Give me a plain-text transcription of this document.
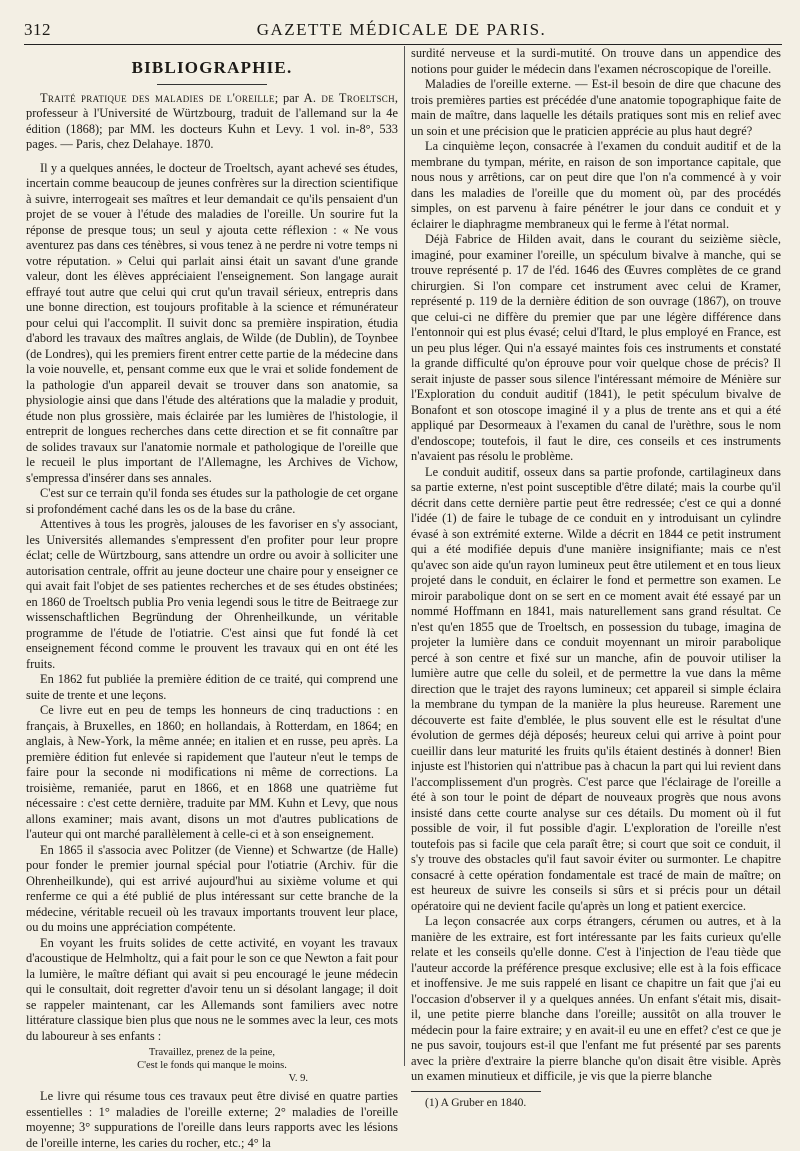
312	GAZETTE MÉDICALE DE PARIS.
BIBLIOGRAPHIE.

Traité pratique des maladies de l'oreille; par A. de Troeltsch, professeur à l'Université de Würtzbourg, traduit de l'allemand sur la 4e édition (1868); par MM. les docteurs Kuhn et Levy. 1 vol. in-8°, 533 pages. — Paris, chez Delahaye. 1870.

Il y a quelques années, le docteur de Troeltsch, ayant achevé ses études, incertain comme beaucoup de jeunes confrères sur la direction scientifique à suivre, interrogeait ses maîtres et leur demandait ce qu'ils pensaient d'un projet de se vouer à l'étude des maladies de l'oreille. Un sourire fut la réponse de presque tous; un seul y ajouta cette réflexion : « Ne vous aventurez pas dans ces ténèbres, si vous tenez à ne perdre ni votre temps ni votre réputation. » Celui qui parlait ainsi était un savant d'une grande valeur, dont les élèves appréciaient l'enseignement. Son langage aurait effrayé tout autre que celui qui crut qu'un travail sérieux, entrepris dans une bonne direction, est toujours profitable à la science et rémunérateur pour celui qui l'accomplit. Il suivit donc sa première inspiration, étudia d'abord les travaux des maîtres anglais, de Wilde (de Dublin), de Toynbee (de Londres), qui les premiers firent entrer cette partie de la médecine dans la voie nouvelle, et, pensant comme eux que le vrai et solide fondement de la pathologie d'un appareil devait se trouver dans son anatomie, sa physiologie ainsi que dans l'étude des altérations que la maladie y produit, étude non plus grossière, mais éclairée par les lumières de l'histologie, il entreprit de longues recherches dans cette direction et se fit connaître par de solides travaux sur l'anatomie normale et pathologique de l'oreille que le recueil le plus important de l'Allemagne, les Archives de Vichow, s'empressa d'insérer dans ses annales.

C'est sur ce terrain qu'il fonda ses études sur la pathologie de cet organe si profondément caché dans les os de la base du crâne.

Attentives à tous les progrès, jalouses de les favoriser en s'y associant, les Universités allemandes s'empressent d'en profiter pour leur propre éclat; celle de Würtzbourg, sans attendre un ordre ou avoir à solliciter une autorisation centrale, offrit au jeune docteur une chaire pour y enseigner ce qui avait fait l'objet de ses patientes recherches et de ses études obstinées; en 1860 de Troeltsch publia Pro venia legendi sous le titre de Beitraege zur wissenschaftlichen Begründung der Ohrenheilkunde, un véritable programme de l'étude de l'otiatrie. C'est ainsi que fut fondé là cet enseignement fécond comme le prouvent les travaux qui en ont été les fruits.

En 1862 fut publiée la première édition de ce traité, qui comprend une suite de trente et une leçons.

Ce livre eut en peu de temps les honneurs de cinq traductions : en français, à Bruxelles, en 1860; en hollandais, à Rotterdam, en 1864; en anglais, à New-York, la même année; en italien et en russe, peu après. La première édition fut enlevée si rapidement que l'auteur n'eut le temps de faire pour la seconde ni modifications ni même de corrections. La troisième, remaniée, parut en 1866, et en 1868 une quatrième fut nécessaire : c'est cette dernière, traduite par MM. Kuhn et Levy, que nous allons examiner; mais avant, disons un mot d'autres publications de l'auteur qui ont marché parallèlement à celle-ci et à son enseignement.

En 1865 il s'associa avec Politzer (de Vienne) et Schwartze (de Halle) pour fonder le premier journal spécial pour l'otiatrie (Archiv. für die Ohrenheilkunde), qui est arrivé aujourd'hui au sixième volume et qui renferme ce qui a été publié de plus intéressant sur cette branche de la médecine, véritable recueil où les travaux importants trouvent leur place, ou du moins une appréciation compétente.

En voyant les fruits solides de cette activité, en voyant les travaux d'acoustique de Helmholtz, qui a fait pour le son ce que Newton a fait pour la lumière, le maître défiant qui avait si peu encouragé le jeune médecin qui le consultait, doit regretter d'avoir tenu un si désolant langage; il doit se rappeler maintenant, car les Allemands sont familiers avec notre littérature classique bien plus que nous ne le sommes avec la leur, ces mots du laboureur à ses enfants :

Travaillez, prenez de la peine,
C'est le fonds qui manque le moins.
V. 9.

Le livre qui résume tous ces travaux peut être divisé en quatre parties essentielles : 1° maladies de l'oreille externe; 2° maladies de l'oreille moyenne; 3° suppurations de l'oreille dans leurs rapports avec les lésions de l'oreille interne, les caries du rocher, etc.; 4° la

surdité nerveuse et la surdi-mutité. On trouve dans un appendice des notions pour guider le médecin dans l'examen nécroscopique de l'oreille.

Maladies de l'oreille externe. — Est-il besoin de dire que chacune des trois premières parties est précédée d'une anatomie topographique faite de main de maître, dans laquelle les détails pratiques sont mis en relief avec un soin et une précision que le praticien apprécie au plus haut degré?

La cinquième leçon, consacrée à l'examen du conduit auditif et de la membrane du tympan, mérite, en raison de son importance capitale, que nous nous y arrêtions, car on peut dire que l'on n'a commencé à y voir dans les maladies de l'oreille que du moment où, par des procédés simples, on est parvenu à faire pénétrer le jour dans ce conduit et y éclairer le diaphragme membraneux qui le ferme à l'état normal.

Déjà Fabrice de Hilden avait, dans le courant du seizième siècle, imaginé, pour examiner l'oreille, un spéculum bivalve à manche, qui se trouve représenté p. 17 de l'éd. 1646 des Œuvres complètes de ce grand chirurgien. Si l'on compare cet instrument avec celui de Kramer, représenté p. 119 de la dernière édition de son ouvrage (1867), on trouve que celui-ci ne diffère du premier que par une légère différence dans l'entonnoir qui est plus évasé; celui d'Itard, le plus employé en France, est un peu plus léger. Qui n'a essayé maintes fois ces instruments et constaté la grande difficulté qu'on éprouve pour voir quelque chose de précis? Il serait injuste de passer sous silence l'intéressant mémoire de Ménière sur l'Exploration du conduit auditif (1841), le petit spéculum bivalve de Bonafont et son otoscope imaginé il y a plus de trente ans et qui a été appliqué par Desormeaux à l'examen du canal de l'urèthre, sous le nom d'endoscope; toutefois, il faut le dire, ces conseils et ces instruments n'avaient pas résolu le problème.

Le conduit auditif, osseux dans sa partie profonde, cartilagineux dans sa partie externe, n'est point susceptible d'être dilaté; mais la courbe qu'il décrit dans cette dernière partie peut être redressée; c'est ce qui a donné l'idée (1) de faire le tubage de ce conduit en y introduisant un cylindre évasé à son extrémité externe. Wilde a décrit en 1844 ce petit instrument qui a été modifiée depuis d'une manière insignifiante; mais ce n'est qu'avec son aide qu'un rayon lumineux peut être utilement et en tous lieux projeté dans le conduit, en éclairer le fond et permettre son examen. Le miroir parabolique dont on se sert en ce moment avait été essayé par un nommé Hoffmann en 1841, mais naturellement sans grand résultat. Ce n'est qu'en 1855 que de Troeltsch, en possession du tubage, imagina de projeter la lumière dans ce conduit moyennant un miroir parabolique percé à son centre et fixé sur un manche, afin de pouvoir utiliser la lumière autre que celle du soleil, et de permettre la vue dans la même direction que le trajet des rayons lumineux; cet appareil si simple éclaira la membrane du tympan de la manière la plus heureuse. Rarement une découverte est faite d'emblée, le plus souvent elle est le résultat d'une évolution de germes déjà déposés; heureux celui qui arrive à point pour cueillir dans leur maturité les fruits qu'ils étaient destinés à donner! Bien injuste est l'historien qui n'attribue pas à chacun la part qui lui revient dans l'accomplissement d'un progrès. C'est parce que l'éclairage de l'oreille a été à son tour le point de départ de nouveaux progrès que nous avons insisté dans cette courte analyse sur ces détails. Du moment où il fut possible de voir, il fut possible d'agir. L'exploration de l'oreille n'est toutefois pas si facile que cela paraît être; si court que soit ce conduit, il s'y trouve des obstacles qu'il faut savoir éviter ou surmonter. Le chapitre consacré à cette opération fondamentale est tracé de main de maître; on est heureux de suivre les conseils si sûrs et si précis pour un détail opératoire qui ne devient facile qu'après un long et patient exercice.

La leçon consacrée aux corps étrangers, cérumen ou autres, et à la manière de les extraire, est fort intéressante par les faits curieux qu'elle relate et les conseils qu'elle donne. C'est à l'injection de l'eau tiède que l'auteur accorde la préférence presque exclusive; elle est à la fois efficace et inoffensive. Je me suis rappelé en lisant ce chapitre un fait que j'ai eu l'occasion d'observer il y a quelques années. Un enfant s'était mis, disait-il, une petite pierre blanche dans l'oreille; aussitôt on alla trouver le médecin pour la faire extraire; y en avait-il eu une en effet? c'est ce que je ne pus savoir, toujours est-il que l'enfant me fut présenté par ses parents avec la prière d'extraire la pierre blanche qu'on disait être visible. Après un examen minutieux et difficile, je vis que la pierre blanche

(1) A Gruber en 1840.
